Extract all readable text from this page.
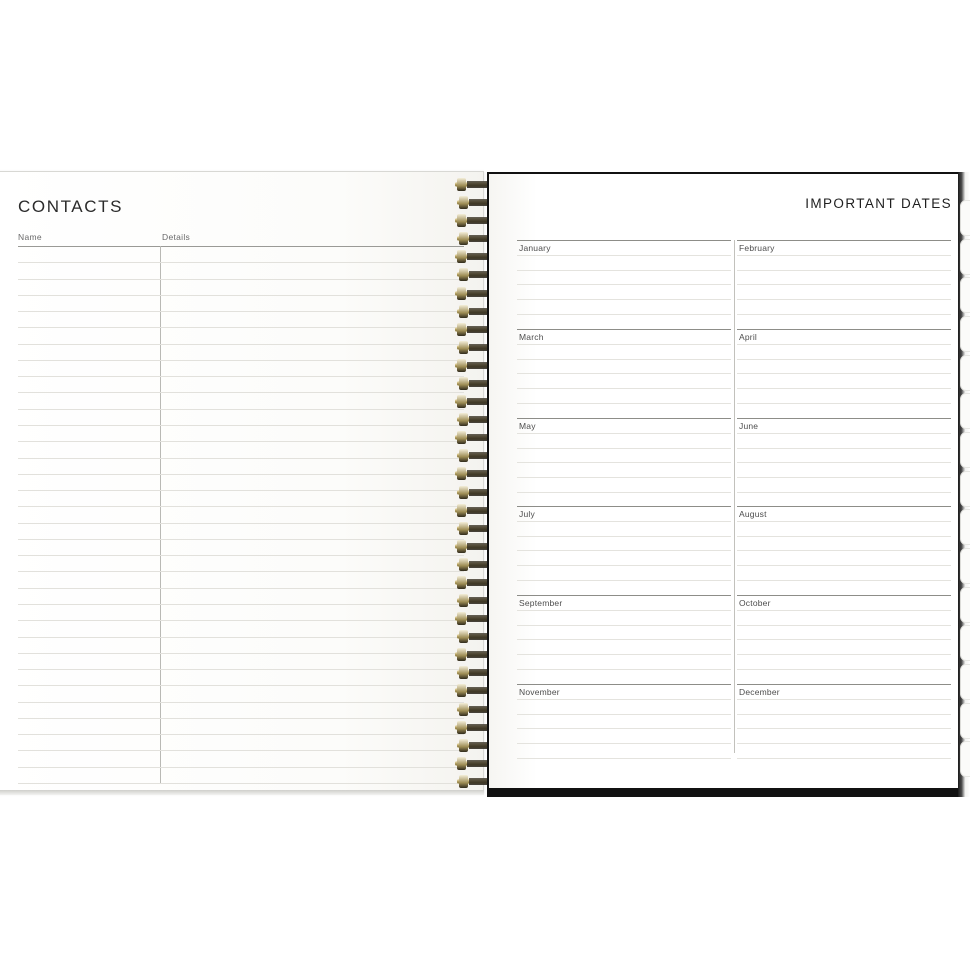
CONTACTS
Name	Details
IMPORTANT DATES
January	February
March	April
May	June
July	August
September	October
November	December
